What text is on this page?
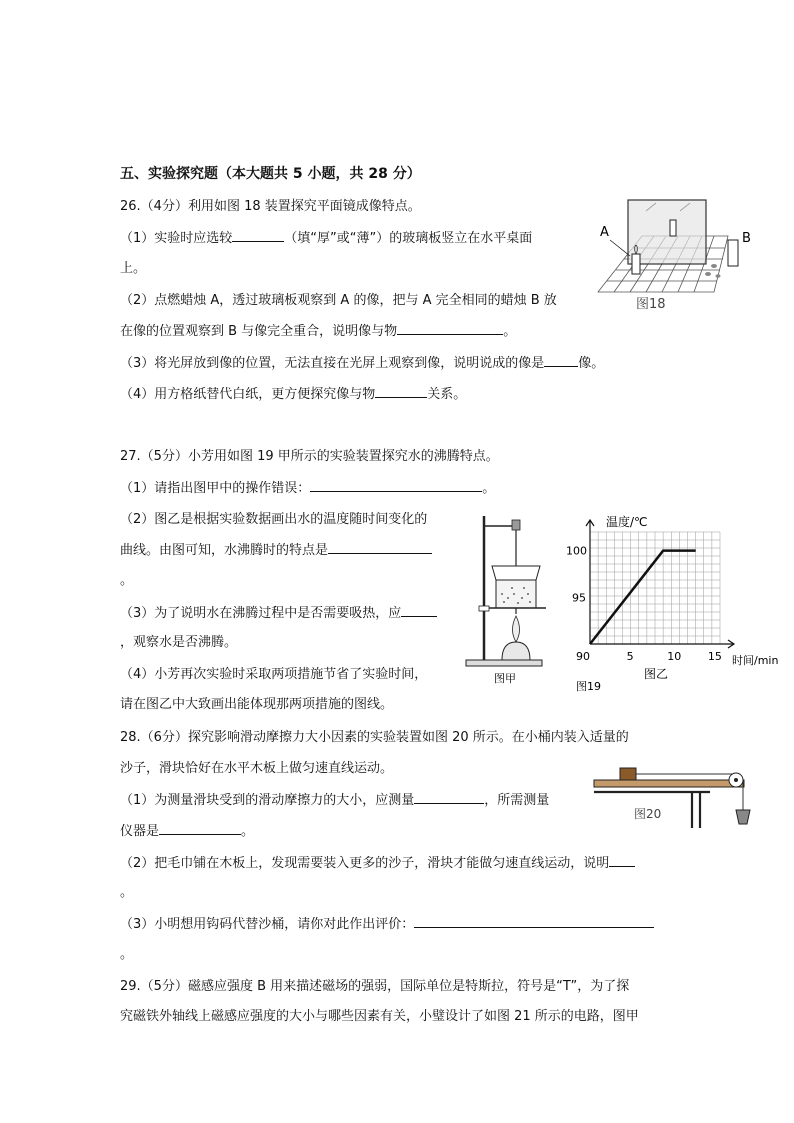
五、实验探究题（本大题共 5 小题，共 28 分）
26.（4分）利用如图 18 装置探究平面镜成像特点。
（1）实验时应选较	（填“厚”或“薄”）的玻璃板竖立在水平桌面
上。
（2）点燃蜡烛 A，透过玻璃板观察到 A 的像，把与 A 完全相同的蜡烛 B 放
在像的位置观察到 B 与像完全重合，说明像与物	。
（3）将光屏放到像的位置，无法直接在光屏上观察到像，说明说成的像是	像。
（4）用方格纸替代白纸，更方便探究像与物	关系。
A	B
图18
27.（5分）小芳用如图 19 甲所示的实验装置探究水的沸腾特点。
（1）请指出图甲中的操作错误：	。
（2）图乙是根据实验数据画出水的温度随时间变化的
曲线。由图可知，水沸腾时的特点是
。
（3）为了说明水在沸腾过程中是否需要吸热，应
，观察水是否沸腾。
（4）小芳再次实验时采取两项措施节省了实验时间，
请在图乙中大致画出能体现那两项措施的图线。
图甲
90	5	10 15
95
100
温度/℃
时间/min
图19
图乙
28.（6分）探究影响滑动摩擦力大小因素的实验装置如图 20 所示。在小桶内装入适量的
沙子，滑块恰好在水平木板上做匀速直线运动。
（1）为测量滑块受到的滑动摩擦力的大小，应测量	，所需测量
仪器是	。
（2）把毛巾铺在木板上，发现需要装入更多的沙子，滑块才能做匀速直线运动，说明
。
（3）小明想用钩码代替沙桶，请你对此作出评价：
。
图20
29.（5分）磁感应强度 B 用来描述磁场的强弱，国际单位是特斯拉，符号是“T”，为了探
究磁铁外轴线上磁感应强度的大小与哪些因素有关，小璧设计了如图 21 所示的电路，图甲
